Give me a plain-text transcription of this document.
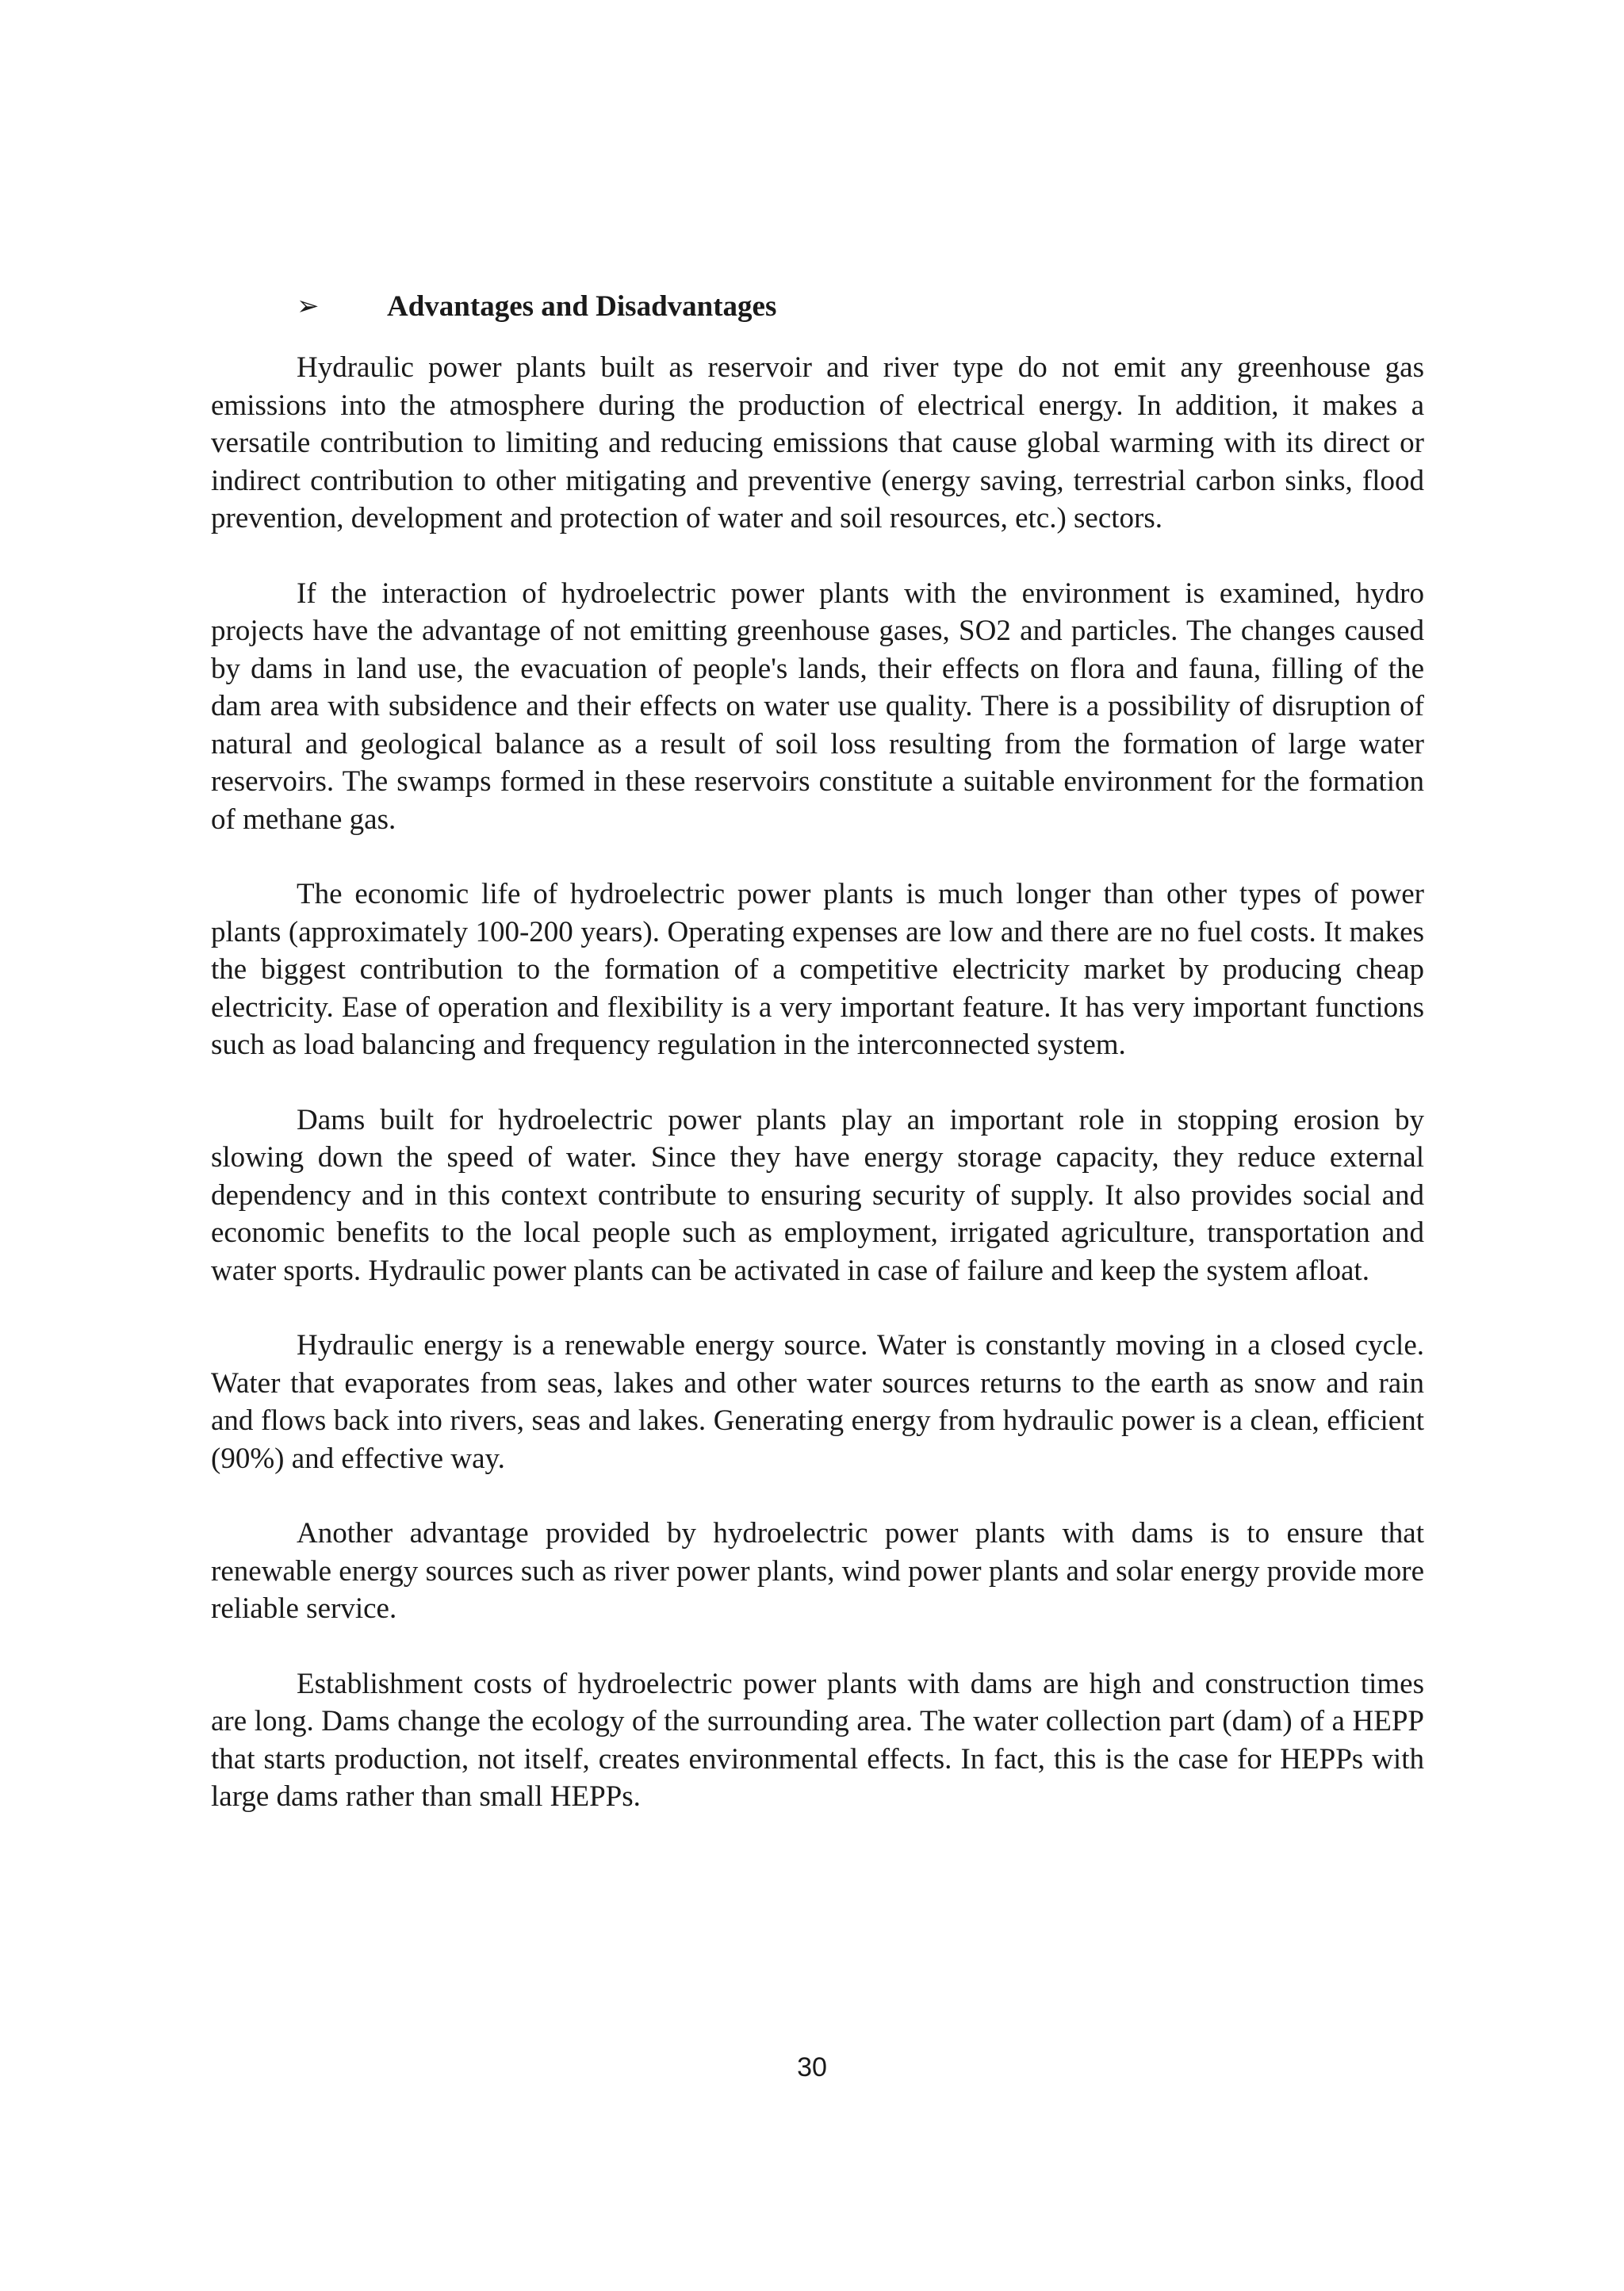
➢	Advantages and Disadvantages

Hydraulic power plants built as reservoir and river type do not emit any greenhouse gas emissions into the atmosphere during the production of electrical energy. In addition, it makes a versatile contribution to limiting and reducing emissions that cause global warming with its direct or indirect contribution to other mitigating and preventive (energy saving, terrestrial carbon sinks, flood prevention, development and protection of water and soil resources, etc.) sectors.

If the interaction of hydroelectric power plants with the environment is examined, hydro projects have the advantage of not emitting greenhouse gases, SO2 and particles. The changes caused by dams in land use, the evacuation of people's lands, their effects on flora and fauna, filling of the dam area with subsidence and their effects on water use quality. There is a possibility of disruption of natural and geological balance as a result of soil loss resulting from the formation of large water reservoirs. The swamps formed in these reservoirs constitute a suitable environment for the formation of methane gas.

The economic life of hydroelectric power plants is much longer than other types of power plants (approximately 100-200 years). Operating expenses are low and there are no fuel costs. It makes the biggest contribution to the formation of a competitive electricity market by producing cheap electricity. Ease of operation and flexibility is a very important feature. It has very important functions such as load balancing and frequency regulation in the interconnected system.

Dams built for hydroelectric power plants play an important role in stopping erosion by slowing down the speed of water. Since they have energy storage capacity, they reduce external dependency and in this context contribute to ensuring security of supply. It also provides social and economic benefits to the local people such as employment, irrigated agriculture, transportation and water sports. Hydraulic power plants can be activated in case of failure and keep the system afloat.

Hydraulic energy is a renewable energy source. Water is constantly moving in a closed cycle. Water that evaporates from seas, lakes and other water sources returns to the earth as snow and rain and flows back into rivers, seas and lakes. Generating energy from hydraulic power is a clean, efficient (90%) and effective way.

Another advantage provided by hydroelectric power plants with dams is to ensure that renewable energy sources such as river power plants, wind power plants and solar energy provide more reliable service.

Establishment costs of hydroelectric power plants with dams are high and construction times are long. Dams change the ecology of the surrounding area. The water collection part (dam) of a HEPP that starts production, not itself, creates environmental effects. In fact, this is the case for HEPPs with large dams rather than small HEPPs.

30
